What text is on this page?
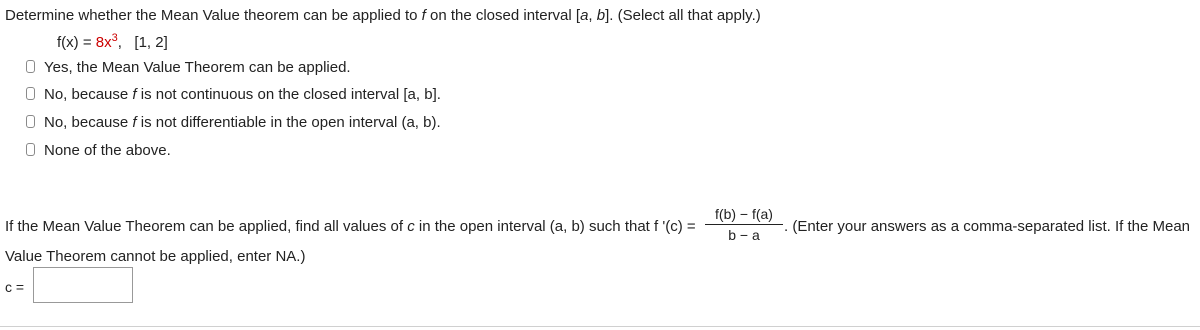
Determine whether the Mean Value theorem can be applied to f on the closed interval [a, b]. (Select all that apply.)
$f(x) = 8x^3$, [1, 2]
Yes, the Mean Value Theorem can be applied.
No, because f is not continuous on the closed interval [a, b].
No, because f is not differentiable in the open interval (a, b).
None of the above.
If the Mean Value Theorem can be applied, find all values of c in the open interval (a, b) such that f '$(c) = \frac{f(b) - f(a)}{b - a}$ . (Enter your answers as a comma-separated list. If the Mean
Value Theorem cannot be applied, enter NA.)
c =
